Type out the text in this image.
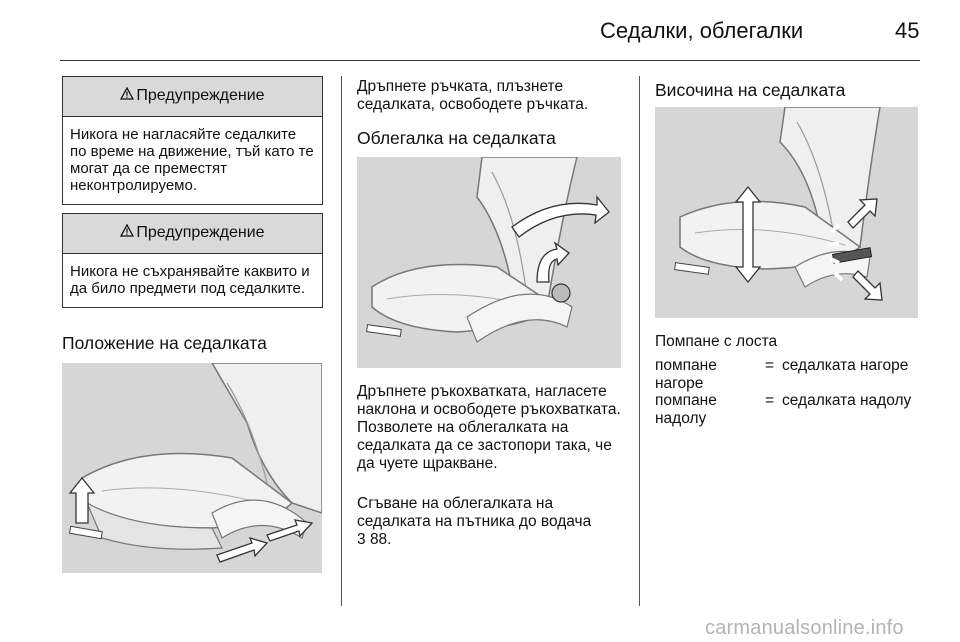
Седалки, облегалки	45
Предупреждение
Никога не нагласяйте седалките по време на движение, тъй като те могат да се преместят неконтролируемо.
Предупреждение
Никога не съхранявайте каквито и да било предмети под седалките.
Положение на седалката
Дръпнете ръчката, плъзнете седалката, освободете ръчката.
Облегалка на седалката
Дръпнете ръкохватката, нагласете наклона и освободете ръкохватката. Позволете на облегалката на седалката да се застопори така, че да чуете щракване.
Сгъване на облегалката на седалката на пътника до водача
3 88.
Височина на седалката
Помпане с лоста
помпане нагоре
= седалката нагоре
помпане надолу
= седалката надолу
carmanualsonline.info
